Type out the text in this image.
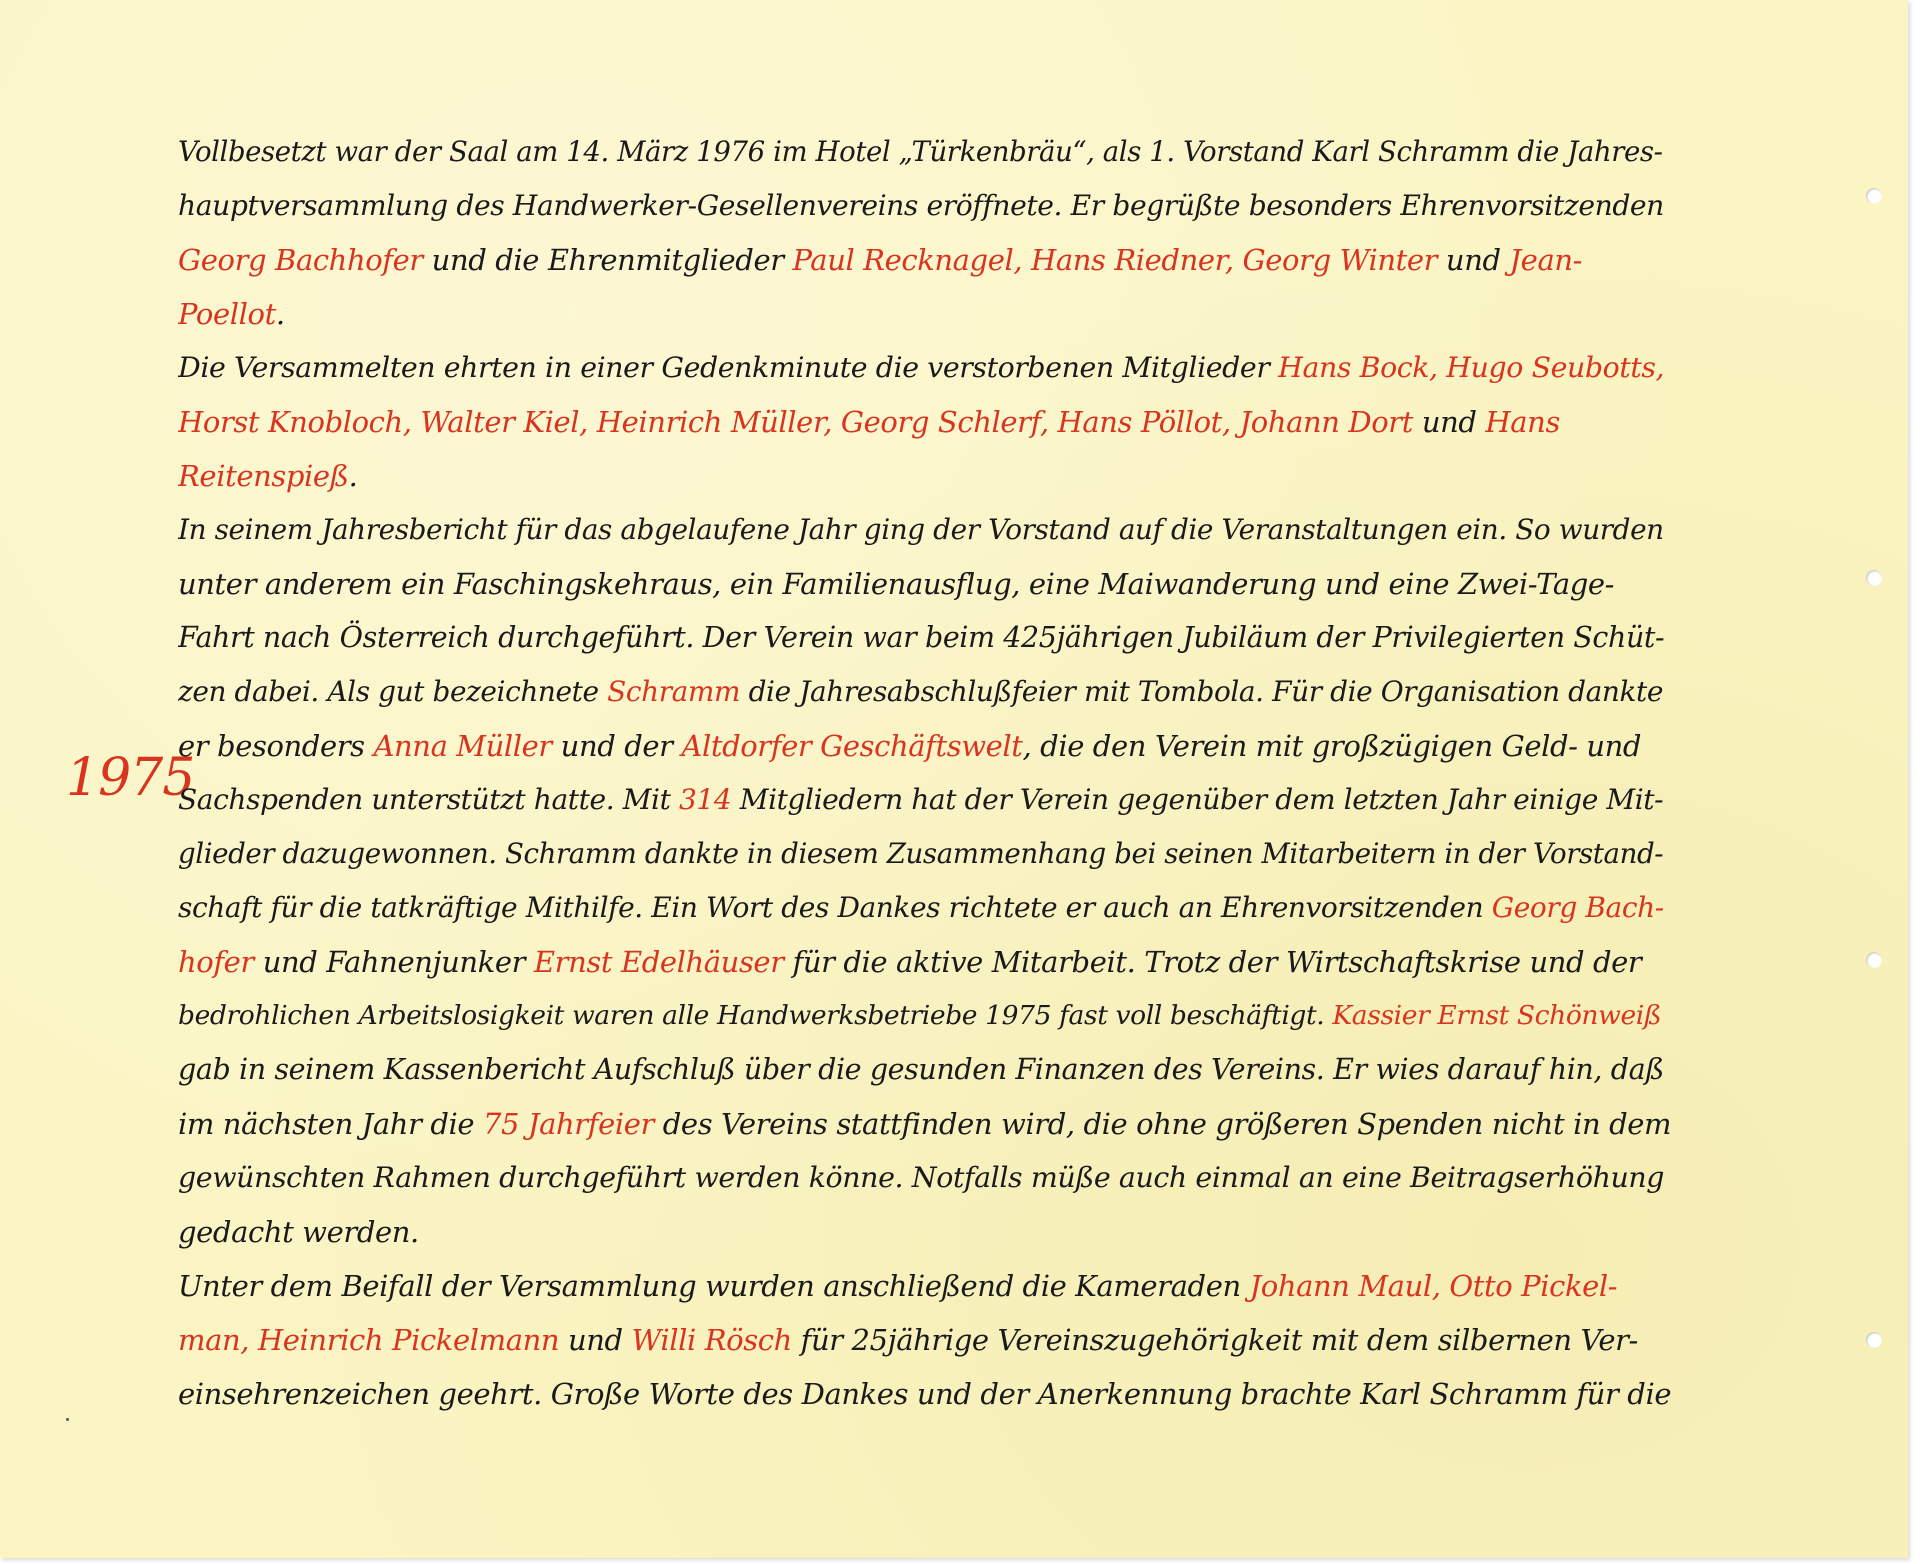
1975
Vollbesetzt war der Saal am 14. März 1976 im Hotel „Türkenbräu“, als 1. Vorstand Karl Schramm die Jahres-
hauptversammlung des Handwerker-Gesellenvereins eröffnete. Er begrüßte besonders Ehrenvorsitzenden
Georg Bachhofer und die Ehrenmitglieder Paul Recknagel, Hans Riedner, Georg Winter und Jean-
Poellot.
Die Versammelten ehrten in einer Gedenkminute die verstorbenen Mitglieder Hans Bock, Hugo Seubotts,
Horst Knobloch, Walter Kiel, Heinrich Müller, Georg Schlerf, Hans Pöllot, Johann Dort und Hans
Reitenspieß.
In seinem Jahresbericht für das abgelaufene Jahr ging der Vorstand auf die Veranstaltungen ein. So wurden
unter anderem ein Faschingskehraus, ein Familienausflug, eine Maiwanderung und eine Zwei-Tage-
Fahrt nach Österreich durchgeführt. Der Verein war beim 425jährigen Jubiläum der Privilegierten Schüt-
zen dabei. Als gut bezeichnete Schramm die Jahresabschlußfeier mit Tombola. Für die Organisation dankte
er besonders Anna Müller und der Altdorfer Geschäftswelt, die den Verein mit großzügigen Geld- und
Sachspenden unterstützt hatte. Mit 314 Mitgliedern hat der Verein gegenüber dem letzten Jahr einige Mit-
glieder dazugewonnen. Schramm dankte in diesem Zusammenhang bei seinen Mitarbeitern in der Vorstand-
schaft für die tatkräftige Mithilfe. Ein Wort des Dankes richtete er auch an Ehrenvorsitzenden Georg Bach-
hofer und Fahnenjunker Ernst Edelhäuser für die aktive Mitarbeit. Trotz der Wirtschaftskrise und der
bedrohlichen Arbeitslosigkeit waren alle Handwerksbetriebe 1975 fast voll beschäftigt. Kassier Ernst Schönweiß
gab in seinem Kassenbericht Aufschluß über die gesunden Finanzen des Vereins. Er wies darauf hin, daß
im nächsten Jahr die 75 Jahrfeier des Vereins stattfinden wird, die ohne größeren Spenden nicht in dem
gewünschten Rahmen durchgeführt werden könne. Notfalls müße auch einmal an eine Beitragserhöhung
gedacht werden.
Unter dem Beifall der Versammlung wurden anschließend die Kameraden Johann Maul, Otto Pickel-
man, Heinrich Pickelmann und Willi Rösch für 25jährige Vereinszugehörigkeit mit dem silbernen Ver-
einsehrenzeichen geehrt. Große Worte des Dankes und der Anerkennung brachte Karl Schramm für die
